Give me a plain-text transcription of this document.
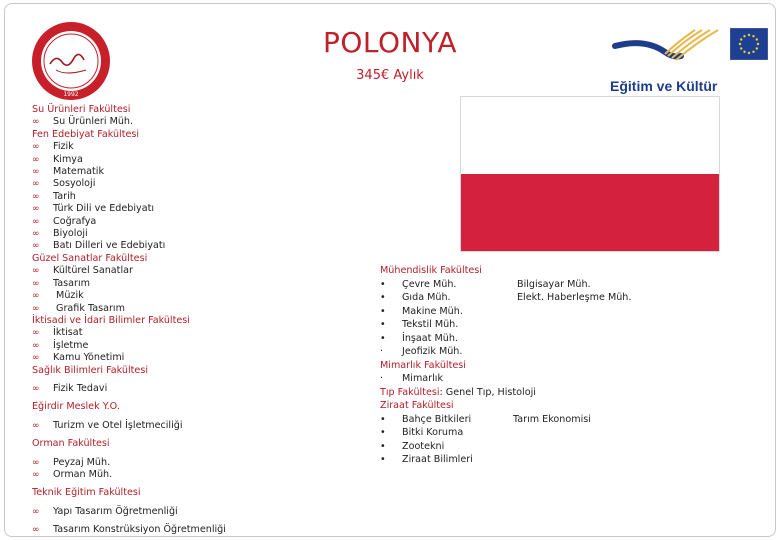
1992
POLONYA
345€ Aylık
Eğitim ve Kültür
Su Ürünleri Fakültesi
∞ Su Ürünleri Müh.
Fen Edebiyat Fakültesi
∞ Fizik
∞ Kimya
∞ Matematik
∞ Sosyoloji
∞ Tarih
∞ Türk Dili ve Edebiyatı
∞ Coğrafya
∞ Biyoloji
∞ Batı Dilleri ve Edebiyatı
Güzel Sanatlar Fakültesi
∞ Kültürel Sanatlar
∞ Tasarım
∞ Müzik
∞ Grafik Tasarım
İktisadi ve İdari Bilimler Fakültesi
∞ İktisat
∞ İşletme
∞ Kamu Yönetimi
Sağlık Bilimleri Fakültesi
∞ Fizik Tedavi
Eğirdir Meslek Y.O.
∞ Turizm ve Otel İşletmeciliği
Orman Fakültesi
∞ Peyzaj Müh.
∞ Orman Müh.
Teknik Eğitim Fakültesi
∞ Yapı Tasarım Öğretmenliği
∞ Tasarım Konstrüksiyon Öğretmenliği
Mühendislik Fakültesi
• Çevre Müh.	Bilgisayar Müh.
• Gıda Müh.	Elekt. Haberleşme Müh.
• Makine Müh.
• Tekstil Müh.
• İnşaat Müh.
· Jeofizik Müh.
Mimarlık Fakültesi
· Mimarlık
Tıp Fakültesi: Genel Tıp, Histoloji
Ziraat Fakültesi
• Bahçe Bitkileri	Tarım Ekonomisi
• Bitki Koruma
• Zootekni
• Ziraat Bilimleri
